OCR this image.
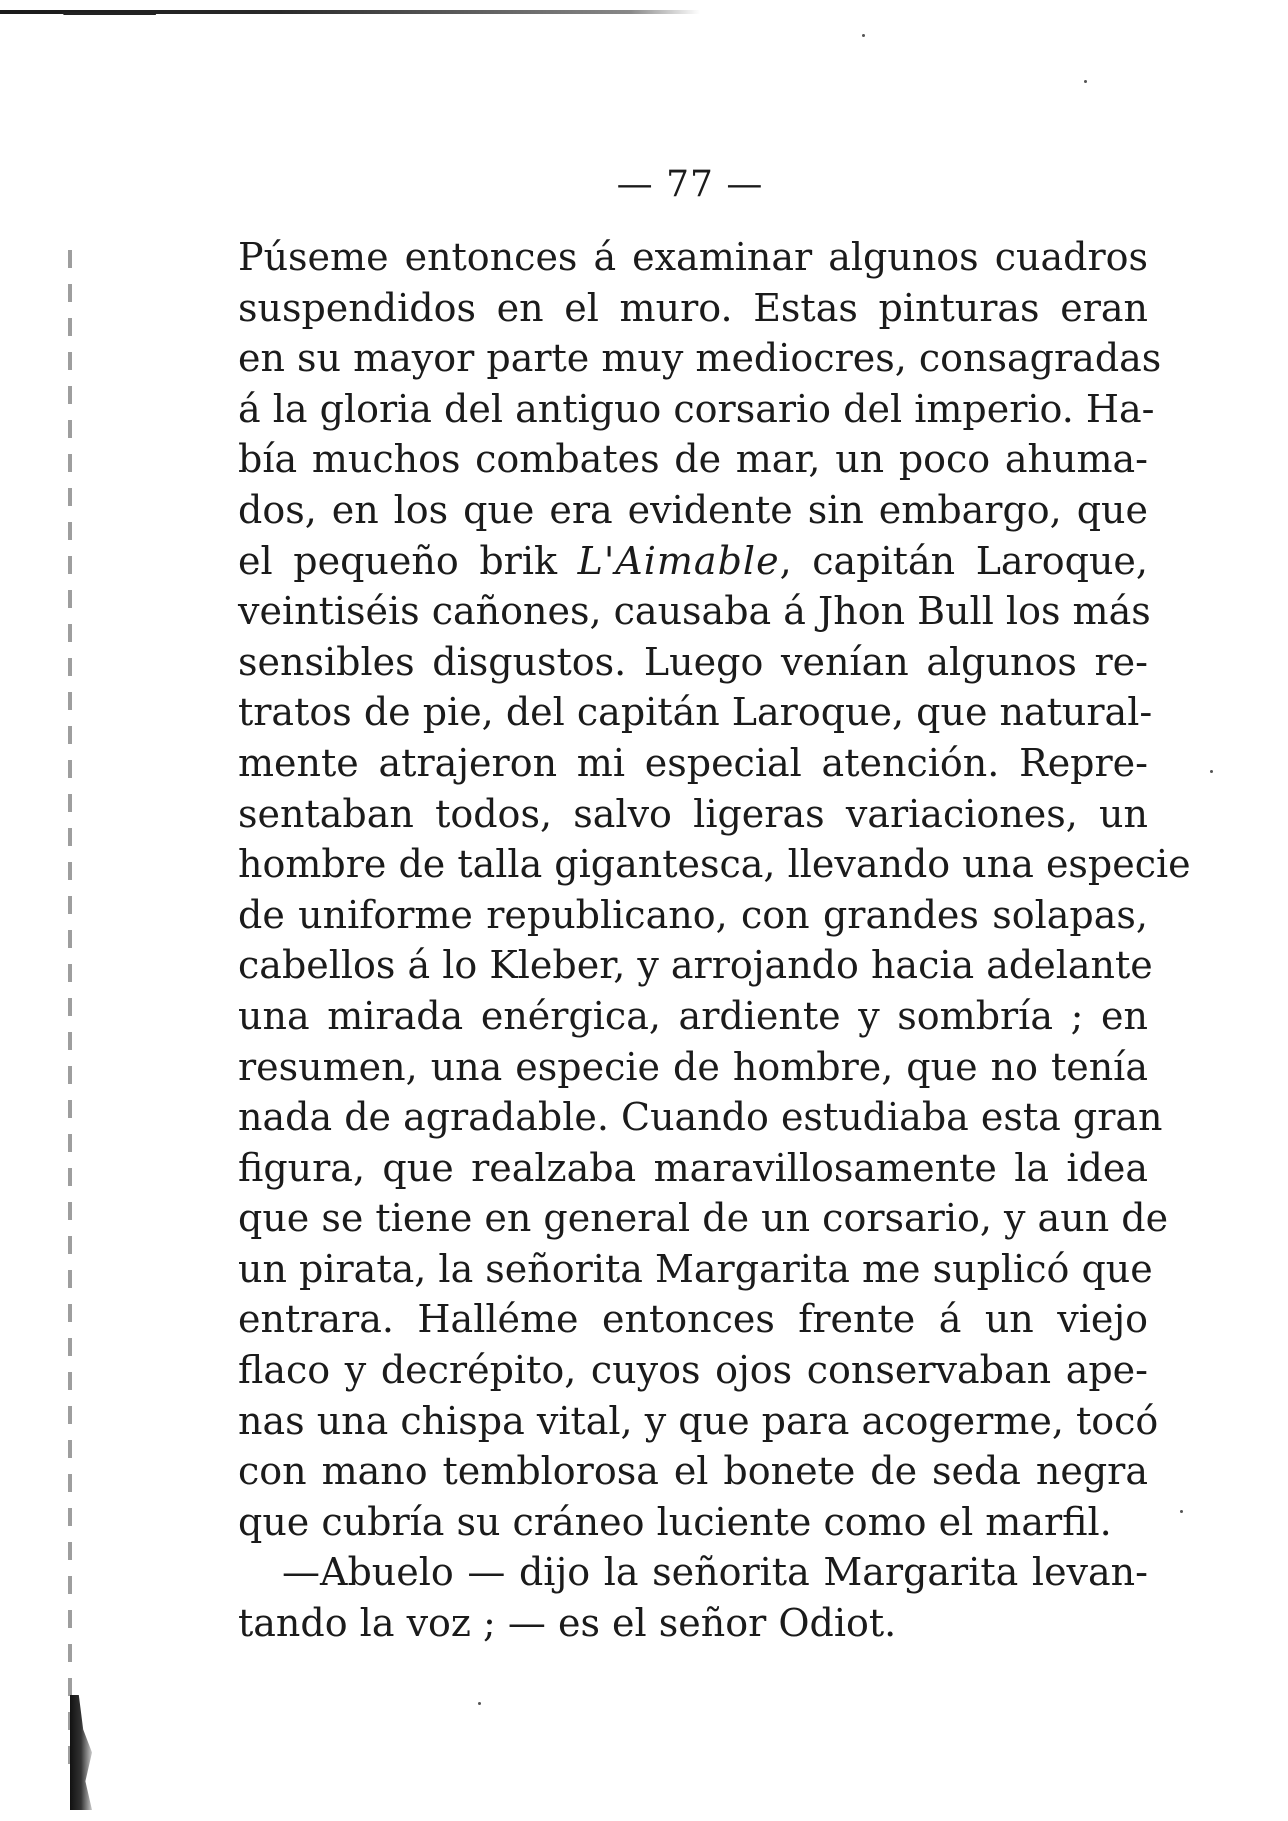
— 77 —
Púseme entonces á examinar algunos cuadros
suspendidos en el muro. Estas pinturas eran
en su mayor parte muy mediocres, consagradas
á la gloria del antiguo corsario del imperio. Ha-
bía muchos combates de mar, un poco ahuma-
dos, en los que era evidente sin embargo, que
el pequeño brik L'Aimable, capitán Laroque,
veintiséis cañones, causaba á Jhon Bull los más
sensibles disgustos. Luego venían algunos re-
tratos de pie, del capitán Laroque, que natural-
mente atrajeron mi especial atención. Repre-
sentaban todos, salvo ligeras variaciones, un
hombre de talla gigantesca, llevando una especie
de uniforme republicano, con grandes solapas,
cabellos á lo Kleber, y arrojando hacia adelante
una mirada enérgica, ardiente y sombría ; en
resumen, una especie de hombre, que no tenía
nada de agradable. Cuando estudiaba esta gran
figura, que realzaba maravillosamente la idea
que se tiene en general de un corsario, y aun de
un pirata, la señorita Margarita me suplicó que
entrara. Halléme entonces frente á un viejo
flaco y decrépito, cuyos ojos conservaban ape-
nas una chispa vital, y que para acogerme, tocó
con mano temblorosa el bonete de seda negra
que cubría su cráneo luciente como el marfil.
—Abuelo — dijo la señorita Margarita levan-
tando la voz ; — es el señor Odiot.
